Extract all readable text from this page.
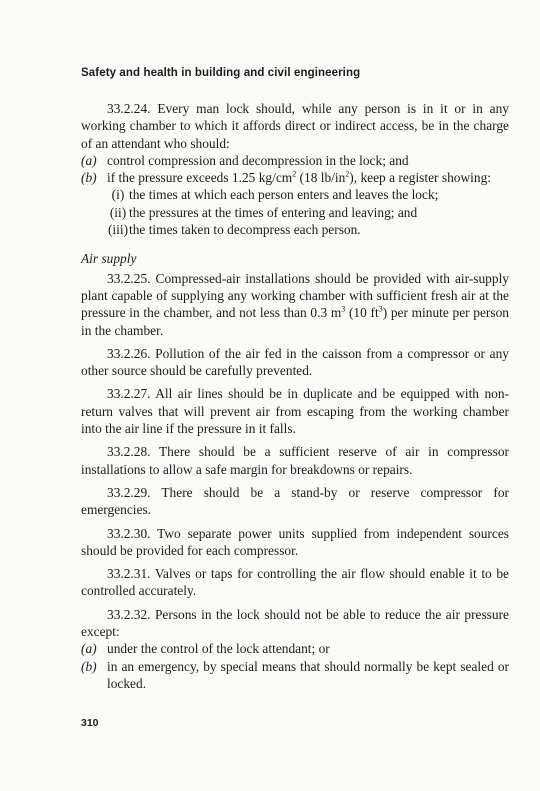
Safety and health in building and civil engineering

33.2.24. Every man lock should, while any person is in it or in any working chamber to which it affords direct or indirect access, be in the charge of an attendant who should:

(a) control compression and decompression in the lock; and
(b) if the pressure exceeds 1.25 $kg/cm^2$ (18 $lb/in^2$), keep a register showing:
(i) the times at which each person enters and leaves the lock;
(ii) the pressures at the times of entering and leaving; and
(iii)the times taken to decompress each person.
Air supply

33.2.25. Compressed-air installations should be provided with air-supply plant capable of supplying any working chamber with sufficient fresh air at the pressure in the chamber, and not less than 0.3 $m^3$ (10 $ft^3$) per minute per person in the chamber.

33.2.26. Pollution of the air fed in the caisson from a compressor or any other source should be carefully prevented.

33.2.27. All air lines should be in duplicate and be equipped with non-return valves that will prevent air from escaping from the working chamber into the air line if the pressure in it falls.

33.2.28. There should be a sufficient reserve of air in compressor installations to allow a safe margin for breakdowns or repairs.

33.2.29. There should be a stand-by or reserve compressor for emergencies.

33.2.30. Two separate power units supplied from independent sources should be provided for each compressor.

33.2.31. Valves or taps for controlling the air flow should enable it to be controlled accurately.

33.2.32. Persons in the lock should not be able to reduce the air pressure except:

(a) under the control of the lock attendant; or
(b) in an emergency, by special means that should normally be kept sealed or locked.
310
